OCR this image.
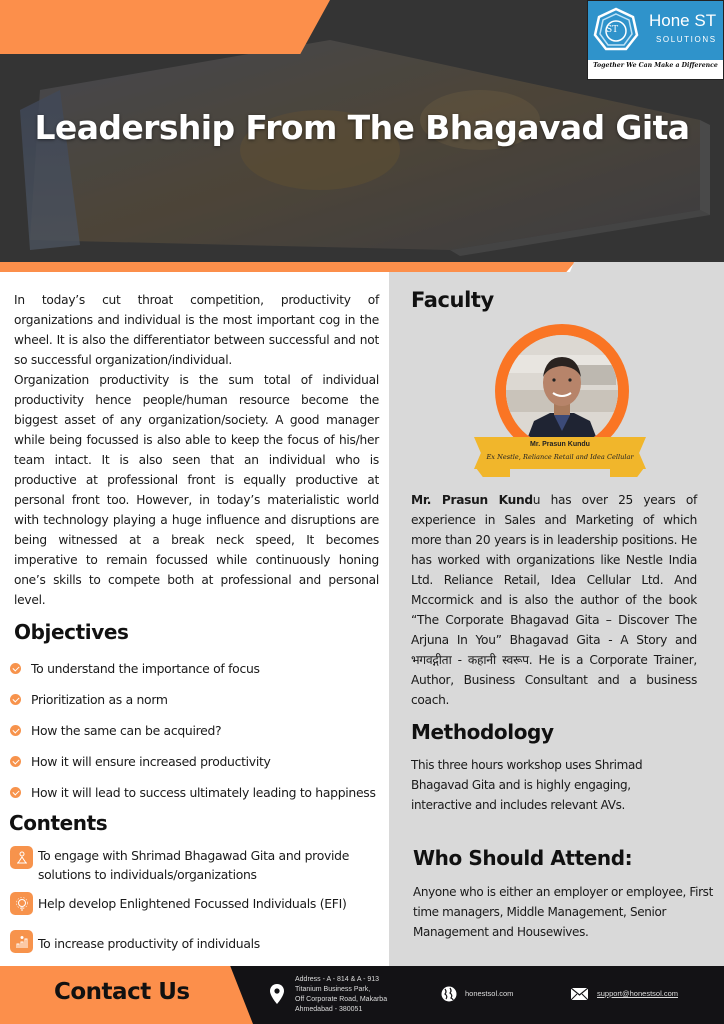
Leadership From The Bhagavad Gita
ST Hone ST
SOLUTIONS
Together We Can Make a Difference

In today’s cut throat competition, productivity of organizations and individual is the most important cog in the wheel. It is also the differentiator between successful and not so successful organization/individual.

Organization productivity is the sum total of individual productivity hence people/human resource become the biggest asset of any organization/society. A good manager while being focussed is also able to keep the focus of his/her team intact. It is also seen that an individual who is productive at professional front is equally productive at personal front too. However, in today’s materialistic world with technology playing a huge influence and disruptions are being witnessed at a break neck speed, It becomes imperative to remain focussed while continuously honing one’s skills to compete both at professional and personal level.

Objectives
To understand the importance of focus
Prioritization as a norm
How the same can be acquired?
How it will ensure increased productivity
How it will lead to success ultimately leading to happiness
Contents
To engage with Shrimad Bhagawad Gita and provide solutions to individuals/organizations
Help develop Enlightened Focussed Individuals (EFI)
To increase productivity of individuals
Faculty
Mr. Prasun Kundu
Ex Nestle, Reliance Retail and Idea Cellular
Mr. Prasun Kundu has over 25 years of experience in Sales and Marketing of which more than 20 years is in leadership positions. He has worked with organizations like Nestle India Ltd. Reliance Retail, Idea Cellular Ltd. And Mccormick and is also the author of the book “The Corporate Bhagavad Gita – Discover The Arjuna In You” Bhagavad Gita - A Story and भगवद्गीता - कहानी स्वरूप. He is a Corporate Trainer, Author, Business Consultant and a business coach.
Methodology
This three hours workshop uses Shrimad Bhagavad Gita and is highly engaging, interactive and includes relevant AVs.
Who Should Attend:
Anyone who is either an employer or employee, First time managers, Middle Management, Senior Management and Housewives.
Contact Us	Address - A - 814 & A - 913
Titanium Business Park,
Off Corporate Road, Makarba
Ahmedabad - 380051
honestsol.com	support@honestsol.com
